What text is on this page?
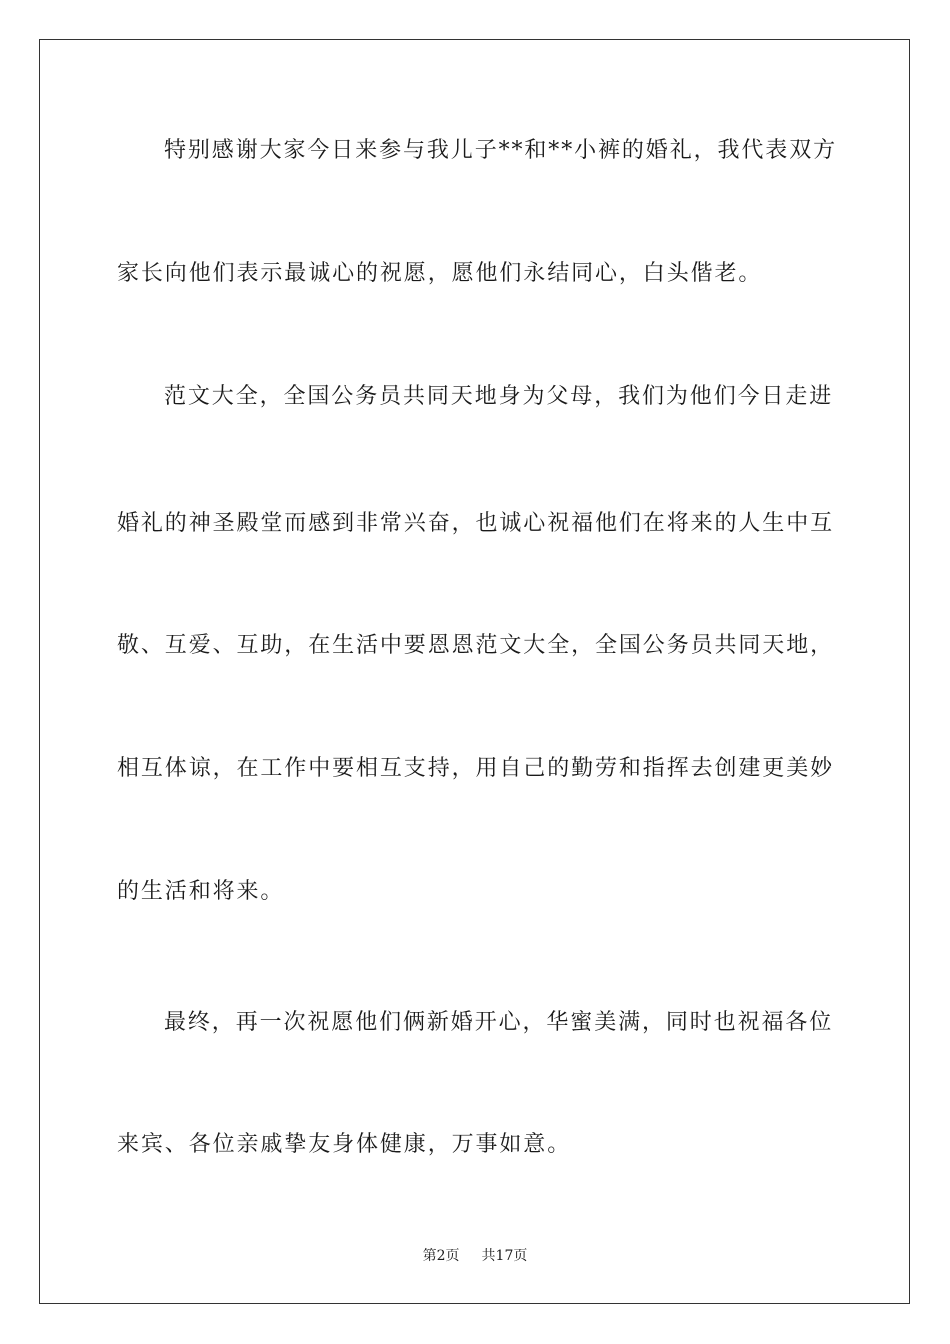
特别感谢大家今日来参与我儿子**和**小裤的婚礼，我代表双方
家长向他们表示最诚心的祝愿，愿他们永结同心，白头偕老。
范文大全，全国公务员共同天地身为父母，我们为他们今日走进
婚礼的神圣殿堂而感到非常兴奋，也诚心祝福他们在将来的人生中互
敬、互爱、互助，在生活中要恩恩范文大全，全国公务员共同天地，
相互体谅，在工作中要相互支持，用自己的勤劳和指挥去创建更美妙
的生活和将来。
最终，再一次祝愿他们俩新婚开心，华蜜美满，同时也祝福各位
来宾、各位亲戚挚友身体健康，万事如意。
第2页 共17页
